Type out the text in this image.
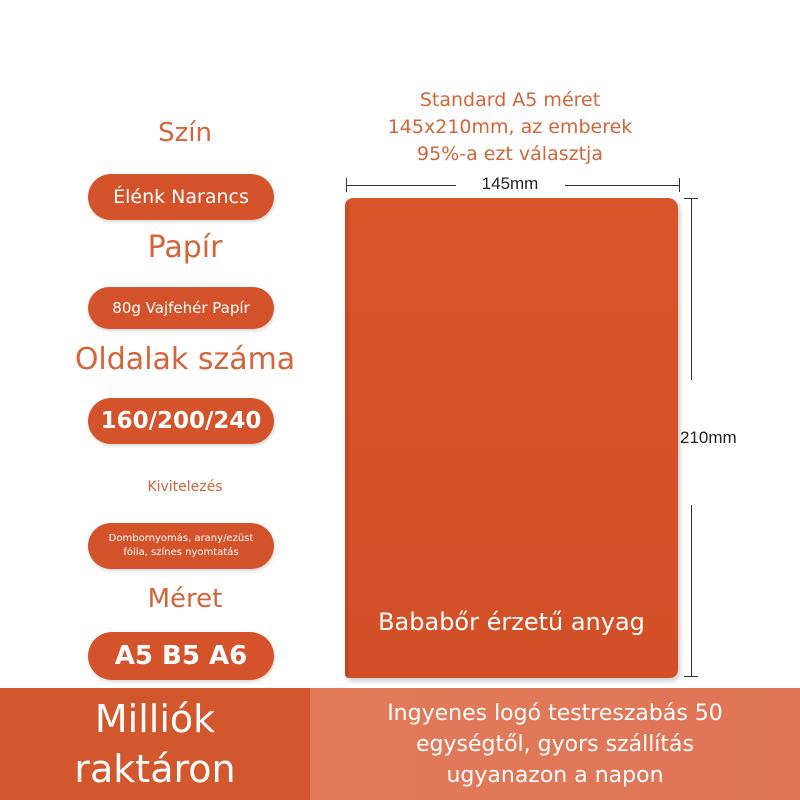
Szín
Élénk Narancs
Papír
80g Vajfehér Papír
Oldalak száma
160/200/240
Kivitelezés
Dombornyomás, arany/ezüst
fólia, színes nyomtatás
Méret
A5 B5 A6
Standard A5 méret
145x210mm, az emberek
95%-a ezt választja
145mm
210mm
Bababőr érzetű anyag
Milliók
raktáron
Ingyenes logó testreszabás 50
egységtől, gyors szállítás
ugyanazon a napon
